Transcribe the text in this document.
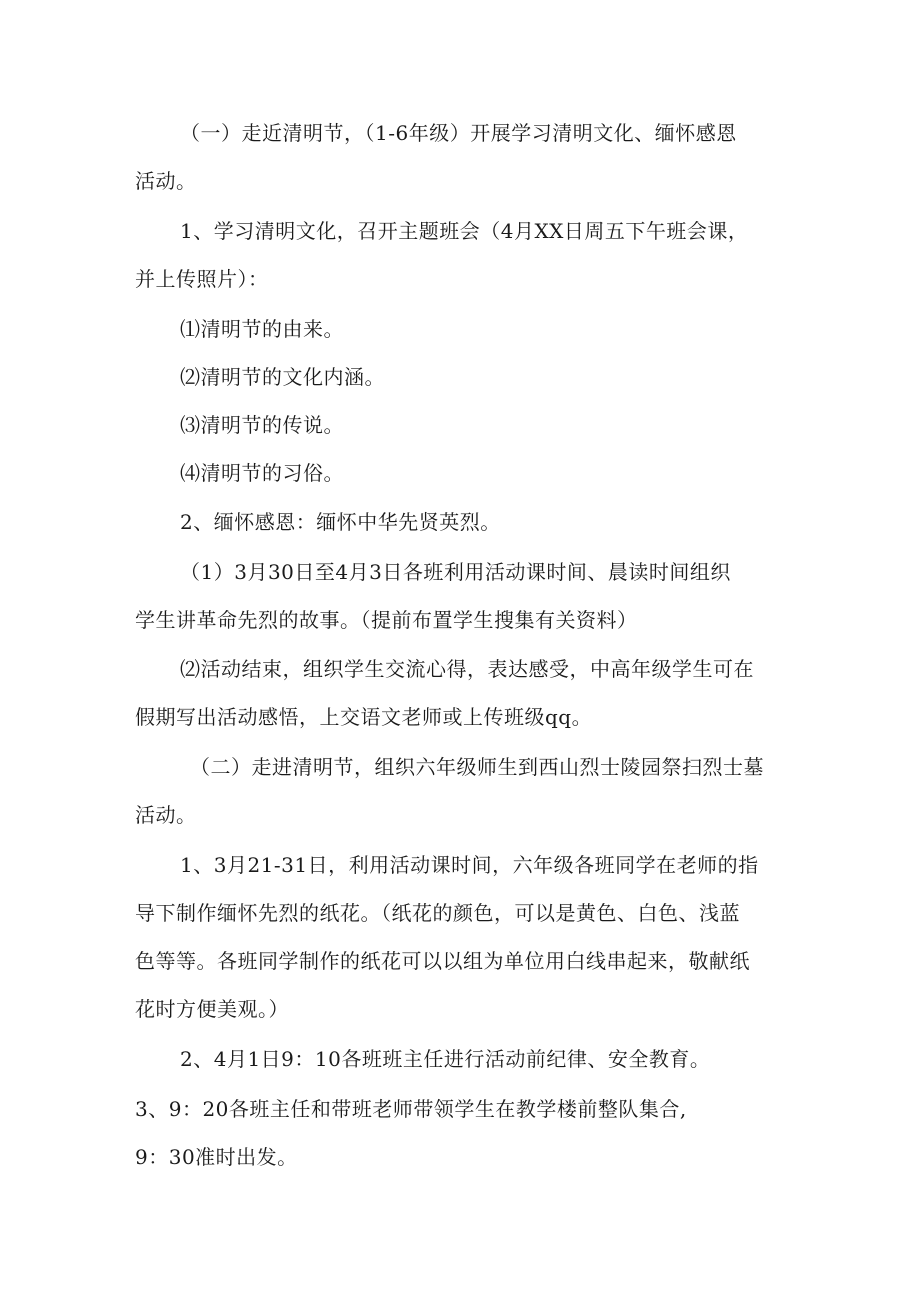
（一）走近清明节，（1-6年级）开展学习清明文化、缅怀感恩
活动。
1、学习清明文化，召开主题班会（4月XX日周五下午班会课，
并上传照片）：
⑴清明节的由来。
⑵清明节的文化内涵。
⑶清明节的传说。
⑷清明节的习俗。
2、缅怀感恩：缅怀中华先贤英烈。
（1）3月30日至4月3日各班利用活动课时间、晨读时间组织
学生讲革命先烈的故事。（提前布置学生搜集有关资料）
⑵活动结束，组织学生交流心得，表达感受，中高年级学生可在
假期写出活动感悟，上交语文老师或上传班级qq。
（二）走进清明节，组织六年级师生到西山烈士陵园祭扫烈士墓
活动。
1、3月21-31日，利用活动课时间，六年级各班同学在老师的指
导下制作缅怀先烈的纸花。（纸花的颜色，可以是黄色、白色、浅蓝
色等等。各班同学制作的纸花可以以组为单位用白线串起来，敬献纸
花时方便美观。）
2、4月1日9：10各班班主任进行活动前纪律、安全教育。
3、9：20各班主任和带班老师带领学生在教学楼前整队集合,
9：30准时出发。
